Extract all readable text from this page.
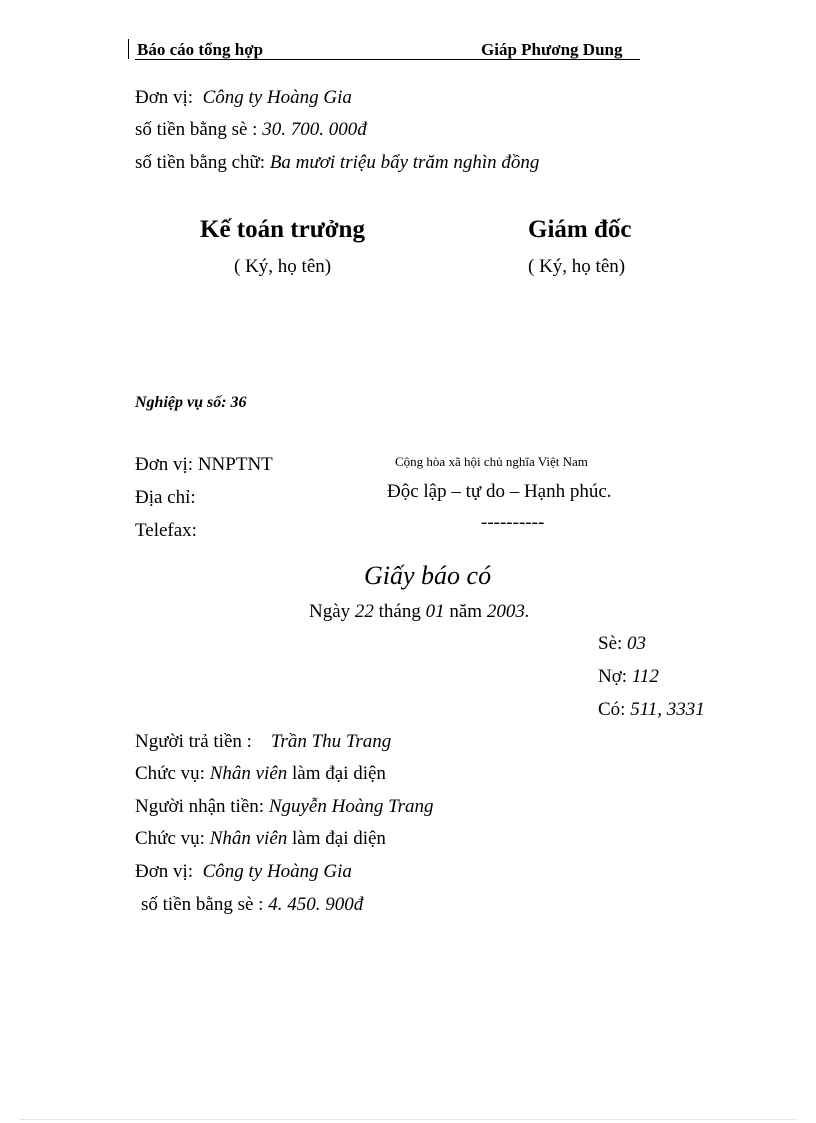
Báo cáo tổng hợp	Giáp Phương Dung
Đơn vị: Công ty Hoàng Gia
số tiền bằng sè : 30. 700. 000đ
số tiền bằng chữ: Ba mươi triệu bẩy trăm nghìn đồng
Kế toán trưởng
( Ký, họ tên)
Giám đốc
( Ký, họ tên)
Nghiệp vụ số: 36
Đơn vị: NNPTNT
Địa chỉ:
Telefax:
Cộng hòa xã hội chủ nghĩa Việt Nam
Độc lập – tự do – Hạnh phúc.
----------
Giấy báo có
Ngày 22 tháng 01 năm 2003.
Sè: 03
Nợ: 112
Có: 511, 3331
Người trả tiền : Trần Thu Trang
Chức vụ: Nhân viên làm đại diện
Người nhận tiền: Nguyễn Hoàng Trang
Chức vụ: Nhân viên làm đại diện
Đơn vị: Công ty Hoàng Gia
số tiền bằng sè : 4. 450. 900đ
